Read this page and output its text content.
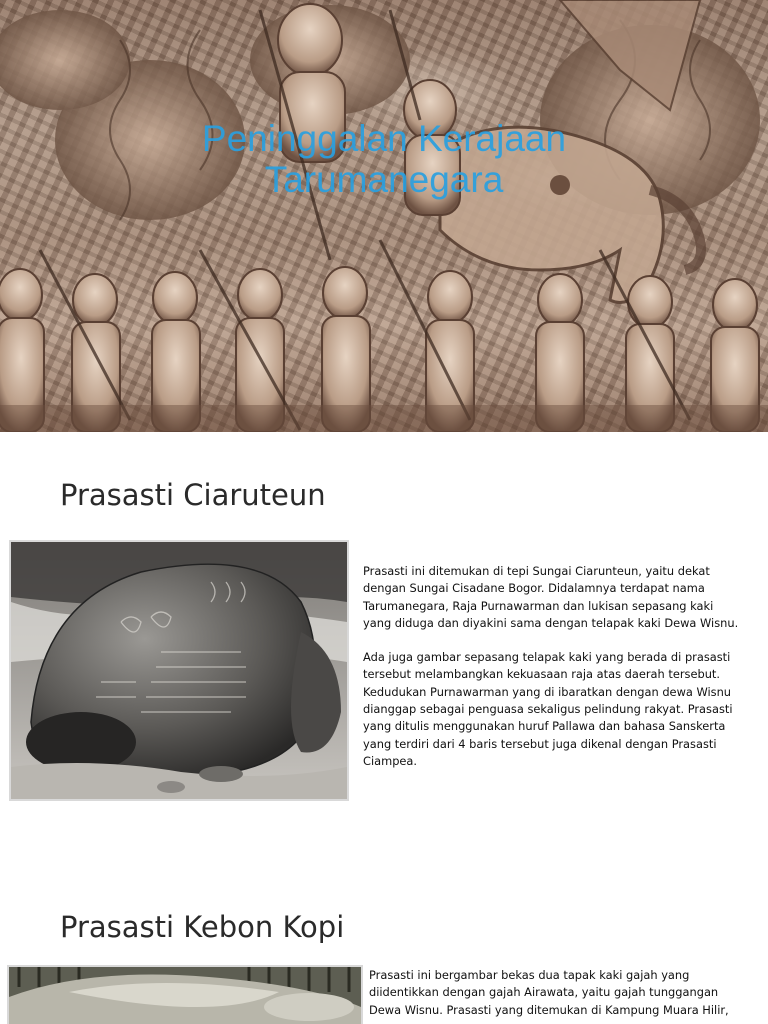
Peninggalan Kerajaan
Tarumanegara
Prasasti Ciaruteun

Prasasti ini ditemukan di tepi Sungai Ciarunteun, yaitu dekat dengan Sungai Cisadane Bogor. Didalamnya terdapat nama Tarumanegara, Raja Purnawarman dan lukisan sepasang kaki yang diduga dan diyakini sama dengan telapak kaki Dewa Wisnu.

Ada juga gambar sepasang telapak kaki yang berada di prasasti tersebut melambangkan kekuasaan raja atas daerah tersebut. Kedudukan Purnawarman yang di ibaratkan dengan dewa Wisnu dianggap sebagai penguasa sekaligus pelindung rakyat. Prasasti yang ditulis menggunakan huruf Pallawa dan bahasa Sanskerta yang terdiri dari 4 baris tersebut juga dikenal dengan Prasasti Ciampea.

Prasasti Kebon Kopi

Prasasti ini bergambar bekas dua tapak kaki gajah yang diidentikkan dengan gajah Airawata, yaitu gajah tunggangan Dewa Wisnu. Prasasti yang ditemukan di Kampung Muara Hilir,
